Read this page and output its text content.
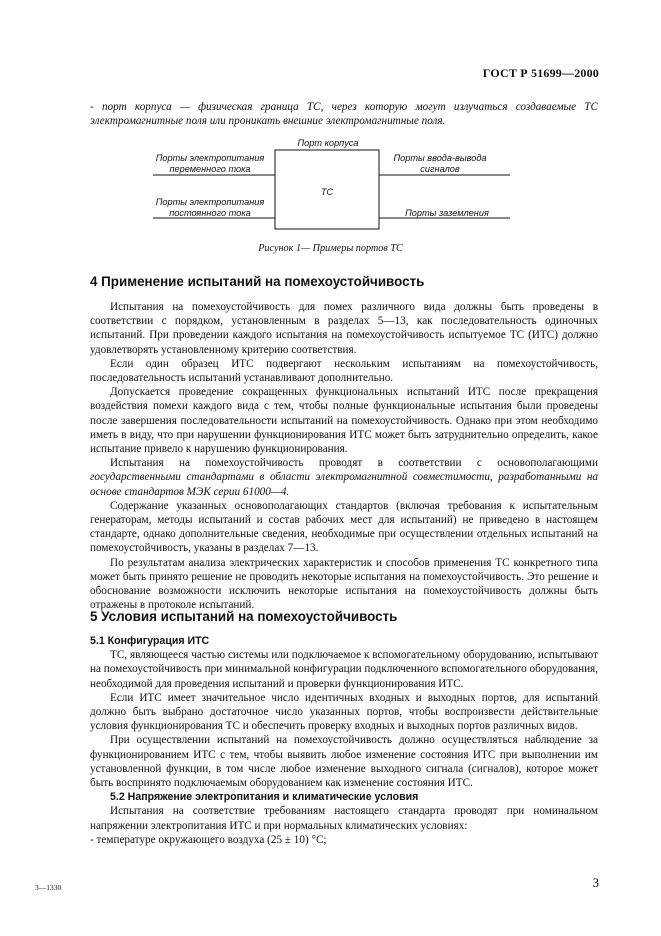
ГОСТ Р 51699—2000
- порт корпуса — физическая граница ТС, через которую могут излучаться создаваемые ТС электромагнитные поля или проникать внешние электромагнитные поля.
Порт корпуса
ТС
Порты электропитания
переменного тока
Порты электропитания
постоянного тока
Порты ввода-вывода
сигналов
Порты заземления
Рисунок 1— Примеры портов ТС
4 Применение испытаний на помехоустойчивость

Испытания на помехоустойчивость для помех различного вида должны быть проведены в соответствии с порядком, установленным в разделах 5—13, как последовательность одиночных испытаний. При проведении каждого испытания на помехоустойчивость испытуемое ТС (ИТС) должно удовлетворять установленному критерию соответствия.

Если один образец ИТС подвергают нескольким испытаниям на помехоустойчивость, последовательность испытаний устанавливают дополнительно.

Допускается проведение сокращенных функциональных испытаний ИТС после прекращения воздействия помехи каждого вида с тем, чтобы полные функциональные испытания были проведены после завершения последовательности испытаний на помехоустойчивость. Однако при этом необходимо иметь в виду, что при нарушении функционирования ИТС может быть затруднительно определить, какое испытание привело к нарушению функционирования.

Испытания на помехоустойчивость проводят в соответствии с основополагающими государственными стандартами в области электромагнитной совместимости, разработанными на основе стандартов МЭК серии 61000—4.

Содержание указанных основополагающих стандартов (включая требования к испытательным генераторам, методы испытаний и состав рабочих мест для испытаний) не приведено в настоящем стандарте, однако дополнительные сведения, необходимые при осуществлении отдельных испытаний на помехоустойчивость, указаны в разделах 7—13.

По результатам анализа электрических характеристик и способов применения ТС конкретного типа может быть принято решение не проводить некоторые испытания на помехоустойчивость. Это решение и обоснование возможности исключить некоторые испытания на помехоустойчивость должны быть отражены в протоколе испытаний.

5 Условия испытаний на помехоустойчивость
5.1 Конфигурация ИТС

ТС, являющееся частью системы или подключаемое к вспомогательному оборудованию, испытывают на помехоустойчивость при минимальной конфигурации подключенного вспомогательного оборудования, необходимой для проведения испытаний и проверки функционирования ИТС.

Если ИТС имеет значительное число идентичных входных и выходных портов, для испытаний должно быть выбрано достаточное число указанных портов, чтобы воспроизвести действительные условия функционирования ТС и обеспечить проверку входных и выходных портов различных видов.

При осуществлении испытаний на помехоустойчивость должно осуществляться наблюдение за функционированием ИТС с тем, чтобы выявить любое изменение состояния ИТС при выполнении им установленной функции, в том числе любое изменение выходного сигнала (сигналов), которое может быть воспринято подключаемым оборудованием как изменение состояния ИТС.

5.2 Напряжение электропитания и климатические условия

Испытания на соответствие требованиям настоящего стандарта проводят при номинальном напряжении электропитания ИТС и при нормальных климатических условиях:

- температуре окружающего воздуха (25 ± 10) °С;

3—1330	3
